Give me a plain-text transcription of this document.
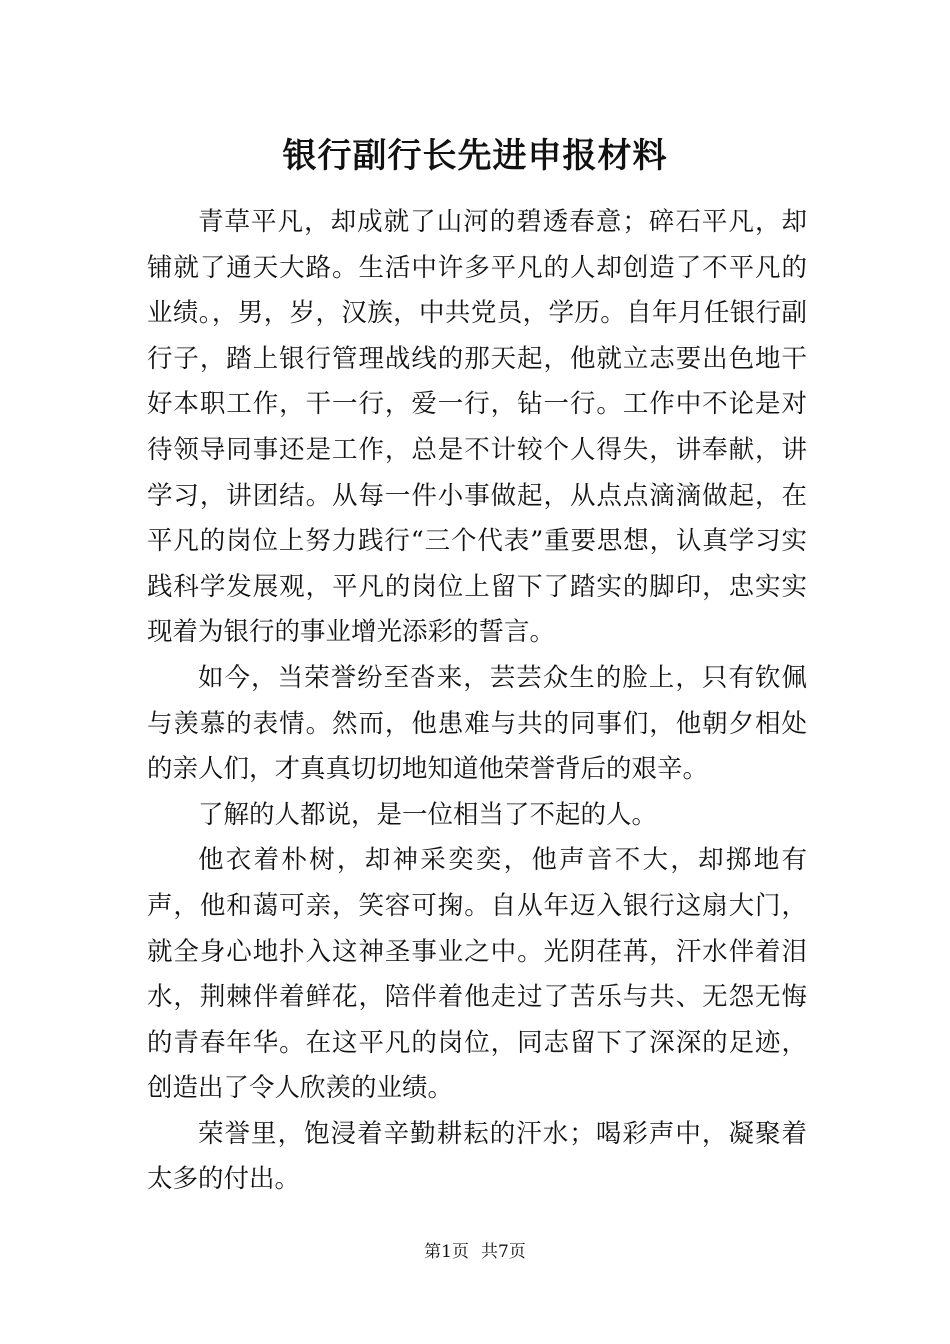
银行副行长先进申报材料

青草平凡，却成就了山河的碧透春意；碎石平凡，却铺就了通天大路。生活中许多平凡的人却创造了不平凡的业绩。，男，岁，汉族，中共党员，学历。自年月任银行副行子，踏上银行管理战线的那天起，他就立志要出色地干好本职工作，干一行，爱一行，钻一行。工作中不论是对待领导同事还是工作，总是不计较个人得失，讲奉献，讲学习，讲团结。从每一件小事做起，从点点滴滴做起，在平凡的岗位上努力践行“三个代表”重要思想，认真学习实践科学发展观，平凡的岗位上留下了踏实的脚印，忠实实现着为银行的事业增光添彩的誓言。

如今，当荣誉纷至沓来，芸芸众生的脸上，只有钦佩与羡慕的表情。然而，他患难与共的同事们，他朝夕相处的亲人们，才真真切切地知道他荣誉背后的艰辛。

了解的人都说，是一位相当了不起的人。

他衣着朴树，却神采奕奕，他声音不大，却掷地有声，他和蔼可亲，笑容可掬。自从年迈入银行这扇大门，就全身心地扑入这神圣事业之中。光阴荏苒，汗水伴着泪水，荆棘伴着鲜花，陪伴着他走过了苦乐与共、无怨无悔的青春年华。在这平凡的岗位，同志留下了深深的足迹，创造出了令人欣羡的业绩。

荣誉里，饱浸着辛勤耕耘的汗水；喝彩声中，凝聚着太多的付出。

第1页 共7页
